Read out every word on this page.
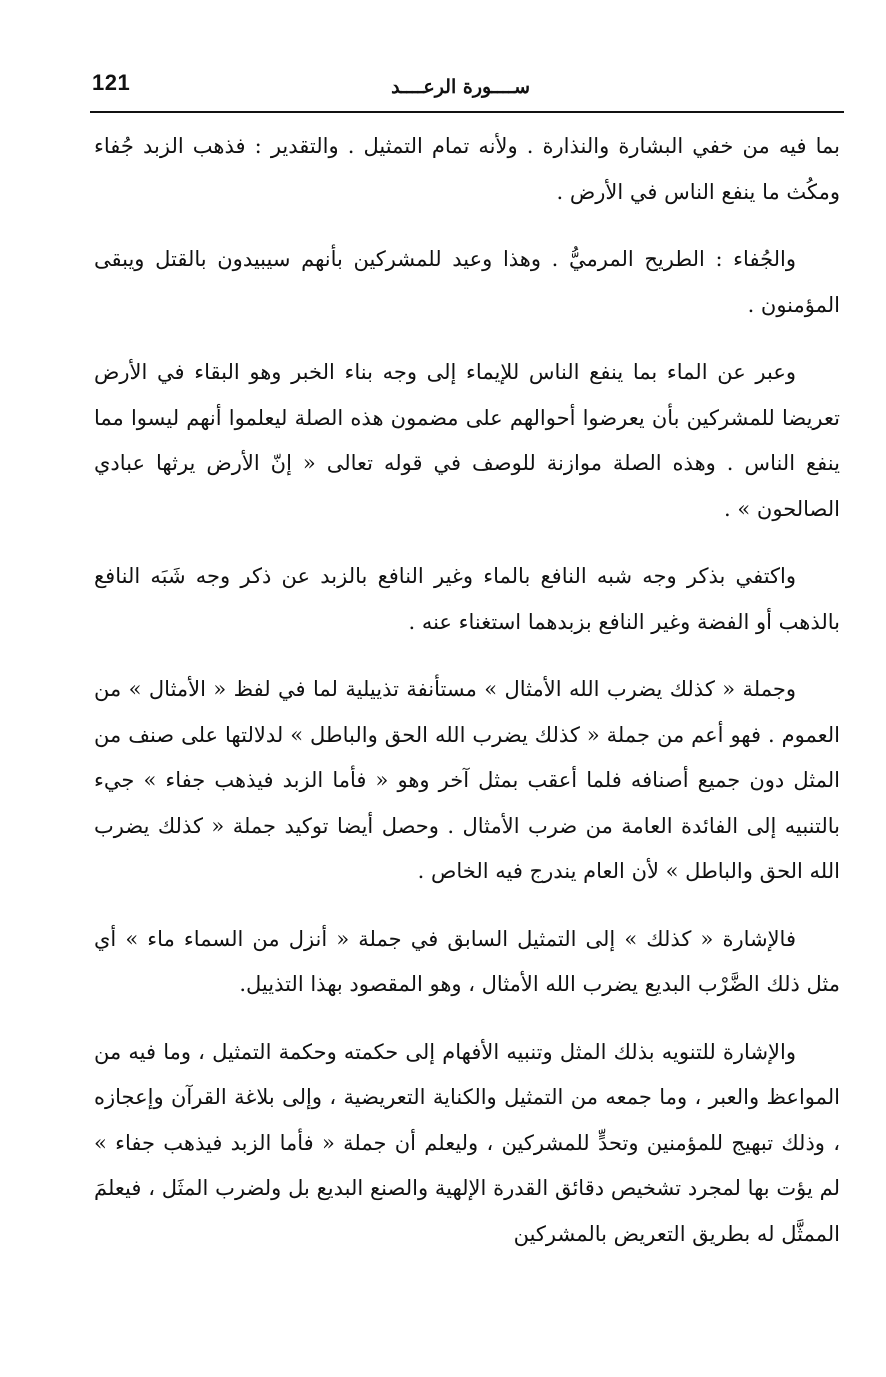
121	ســــورة الرعــــد

بما فيه من خفي البشارة والنذارة . ولأنه تمام التمثيل . والتقدير : فذهب الزبد جُفاء ومكُث ما ينفع الناس في الأرض .

والجُفاء : الطريح المرميُّ . وهذا وعيد للمشركين بأنهم سيبيدون بالقتل ويبقى المؤمنون .

وعبر عن الماء بما ينفع الناس للإيماء إلى وجه بناء الخبر وهو البقاء في الأرض تعريضا للمشركين بأن يعرضوا أحوالهم على مضمون هذه الصلة ليعلموا أنهم ليسوا مما ينفع الناس . وهذه الصلة موازنة للوصف في قوله تعالى « إنّ الأرض يرثها عبادي الصالحون » .

واكتفي بذكر وجه شبه النافع بالماء وغير النافع بالزبد عن ذكر وجه شَبَه النافع بالذهب أو الفضة وغير النافع بزبدهما استغناء عنه .

وجملة « كذلك يضرب الله الأمثال » مستأنفة تذييلية لما في لفظ « الأمثال » من العموم . فهو أعم من جملة « كذلك يضرب الله الحق والباطل » لدلالتها على صنف من المثل دون جميع أصنافه فلما أعقب بمثل آخر وهو « فأما الزبد فيذهب جفاء » جيء بالتنبيه إلى الفائدة العامة من ضرب الأمثال . وحصل أيضا توكيد جملة « كذلك يضرب الله الحق والباطل » لأن العام يندرج فيه الخاص .

فالإشارة « كذلك » إلى التمثيل السابق في جملة « أنزل من السماء ماء » أي مثل ذلك الضَّرْب البديع يضرب الله الأمثال ، وهو المقصود بهذا التذييل.

والإشارة للتنويه بذلك المثل وتنبيه الأفهام إلى حكمته وحكمة التمثيل ، وما فيه من المواعظ والعبر ، وما جمعه من التمثيل والكناية التعريضية ، وإلى بلاغة القرآن وإعجازه ، وذلك تبهيج للمؤمنين وتحدٍّ للمشركين ، وليعلم أن جملة « فأما الزبد فيذهب جفاء » لم يؤت بها لمجرد تشخيص دقائق القدرة الإلهية والصنع البديع بل ولضرب المثَل ، فيعلمَ الممثَّل له بطريق التعريض بالمشركين
